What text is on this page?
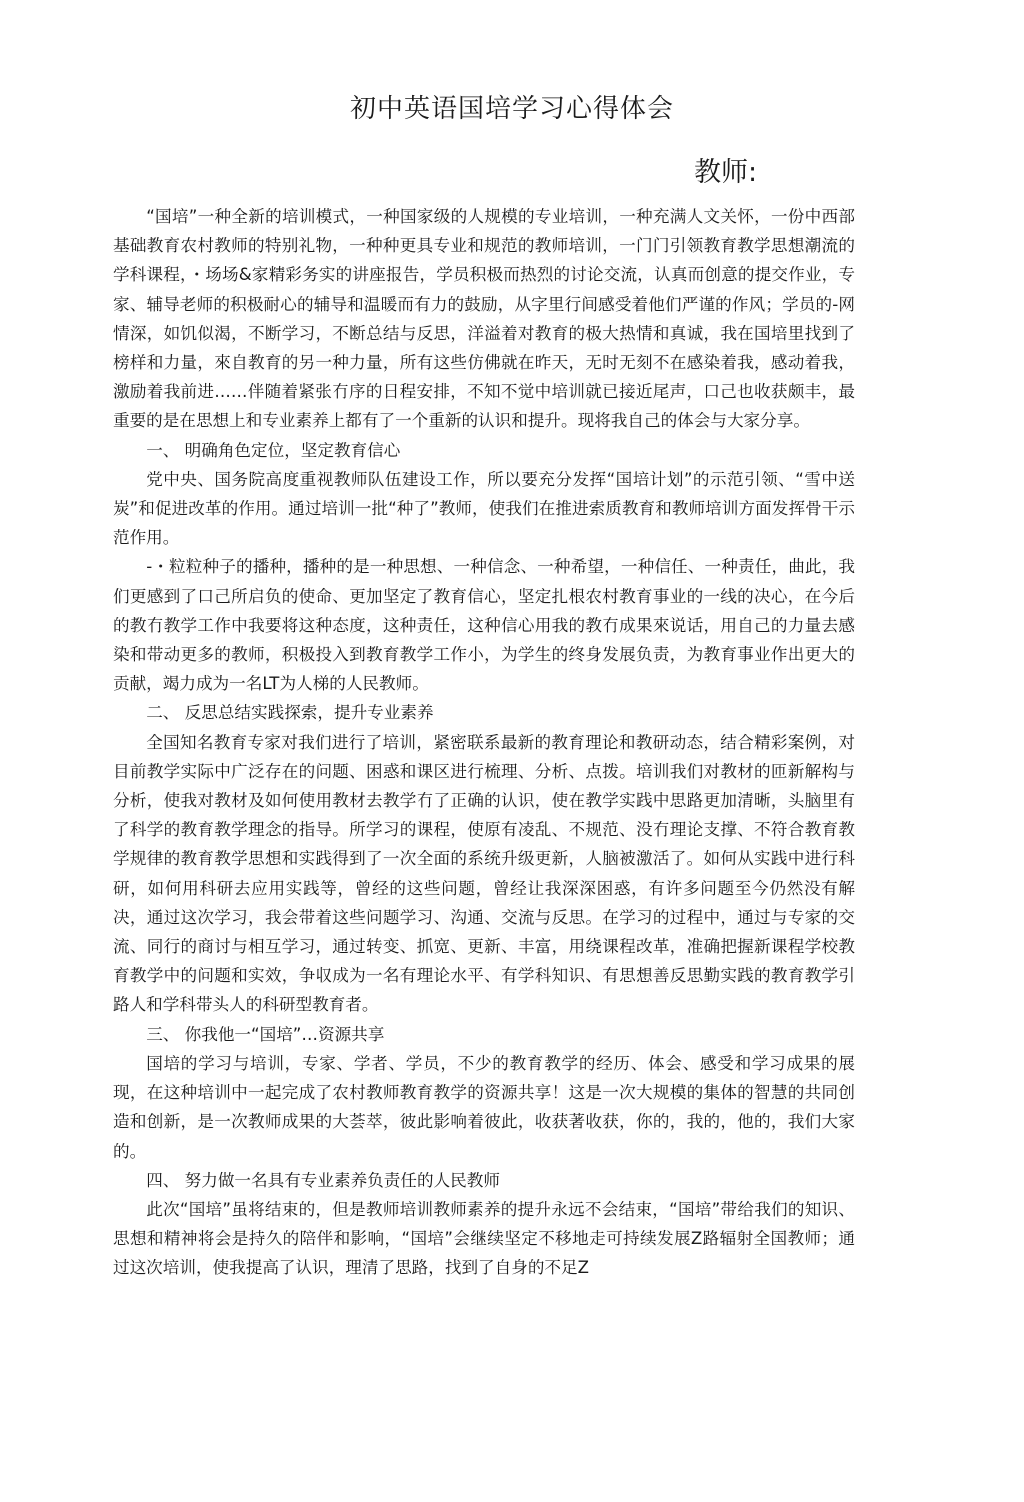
初中英语国培学习心得体会
教师:

“国培”一种全新的培训模式，一种国家级的人规模的专业培训，一种充满人文关怀，一份中西部基础教育农村教师的特别礼物，一种种更具专业和规范的教师培训，一门门引领教育教学思想潮流的学科课程，・场场&家精彩务实的讲座报告，学员积极而热烈的讨论交流，认真而创意的提交作业，专家、辅导老师的积极耐心的辅导和温暖而有力的鼓励，从字里行间感受着他们严谨的作风；学员的-网情深，如饥似渴，不断学习，不断总结与反思，洋溢着对教育的极大热情和真诚，我在国培里找到了榜样和力量，來自教育的另一种力量，所有这些仿佛就在昨天，无时无刻不在感染着我，感动着我，激励着我前进……伴随着紧张冇序的日程安排，不知不觉中培训就已接近尾声，口己也收获颇丰，最重要的是在思想上和专业素养上都有了一个重新的认识和提升。现将我自己的体会与大家分享。

一、 明确角色定位，坚定教育信心

党中央、国务院高度重视教师队伍建设工作，所以要充分发挥“国培计划”的示范引领、“雪中送炭”和促进改革的作用。通过培训一批“种了”教师，使我们在推进索质教育和教师培训方面发挥骨干示范作用。

-・粒粒种子的播种，播种的是一种思想、一种信念、一种希望，一种信任、一种责任，曲此，我们更感到了口己所启负的使命、更加坚定了教育信心，坚定扎根农村教育事业的一线的决心，在今后的教冇教学工作中我要将这种态度，这种责任，这种信心用我的教冇成果來说话，用自己的力量去感染和带动更多的教师，积极投入到教育教学工作小，为学生的终身发展负责，为教育事业作出更大的贡献，竭力成为一名LT为人梯的人民教师。

二、 反思总结实践探索，提升专业素养

全国知名教育专家对我们进行了培训，紧密联系最新的教育理论和教研动态，结合精彩案例，对目前教学实际中广泛存在的问题、困惑和课区进行梳理、分析、点拨。培训我们对教材的匝新解构与分析，使我对教材及如何使用教材去教学冇了正确的认识，使在教学实践中思路更加清晰，头脑里有了科学的教育教学理念的指导。所学习的课程，使原有凌乱、不规范、没冇理论支撑、不符合教育教学规律的教育教学思想和实践得到了一次全面的系统升级更新，人脑被激活了。如何从实践中进行科研，如何用科研去应用实践等，曾经的这些问题，曾经让我深深困惑，有许多问题至今仍然没有解决，通过这次学习，我会带着这些问题学习、沟通、交流与反思。在学习的过程中，通过与专家的交流、同行的商讨与相互学习，通过转变、抓宽、更新、丰富，用绕课程改革，准确把握新课程学校教育教学中的问题和实效，争収成为一名有理论水平、有学科知识、有思想善反思勤实践的教育教学引路人和学科带头人的科研型教育者。

三、 你我他一“国培”…资源共享

国培的学习与培训，专家、学者、学员，不少的教育教学的经历、体会、感受和学习成果的展现，在这种培训中一起完成了农村教师教育教学的资源共享！这是一次大规模的集体的智慧的共同创造和创新，是一次教师成果的大荟萃，彼此影响着彼此，收获著收获，你的，我的，他的，我们大家的。

四、 努力做一名具有专业素养负责任的人民教师

此次“国培”虽将结束的，但是教师培训教师素养的提升永远不会结束，“国培”带给我们的知识、思想和精神将会是持久的陪伴和影响，“国培”会继续坚定不移地走可持续发展Z路辐射全国教师；通过这次培训，使我提高了认识，理清了思路，找到了自身的不足Z
